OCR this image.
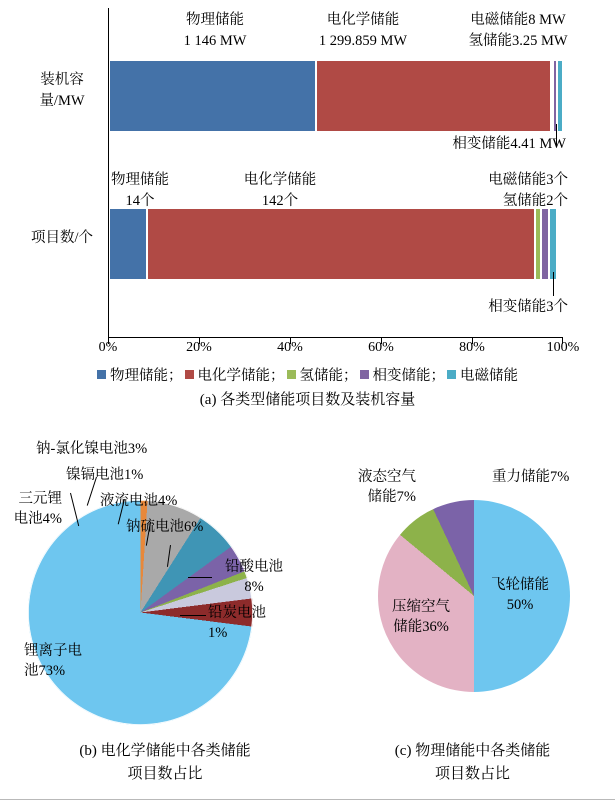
装机容量/MW
项目数/个
0%	20%	40%	60%	80%	100%
物理储能
1 146 MW
电化学储能
1 299.859 MW
电磁储能8 MW
氢储能3.25 MW
相变储能4.41 MW
物理储能
14个
电化学储能
142个
电磁储能3个
氢储能2个
相变储能3个
物理储能； 电化学储能； 氢储能； 相变储能； 电磁储能
(a) 各类型储能项目数及装机容量
三元锂
电池4%
钠-氯化镍电池3%
镍镉电池1%
液流电池4%
钠硫电池6%
铅酸电池
8%
铅炭电池
1%
锂离子电
池73%
(b) 电化学储能中各类储能
项目数占比
液态空气
储能7%
重力储能7%
压缩空气
储能36%
飞轮储能
50%
(c) 物理储能中各类储能
项目数占比
